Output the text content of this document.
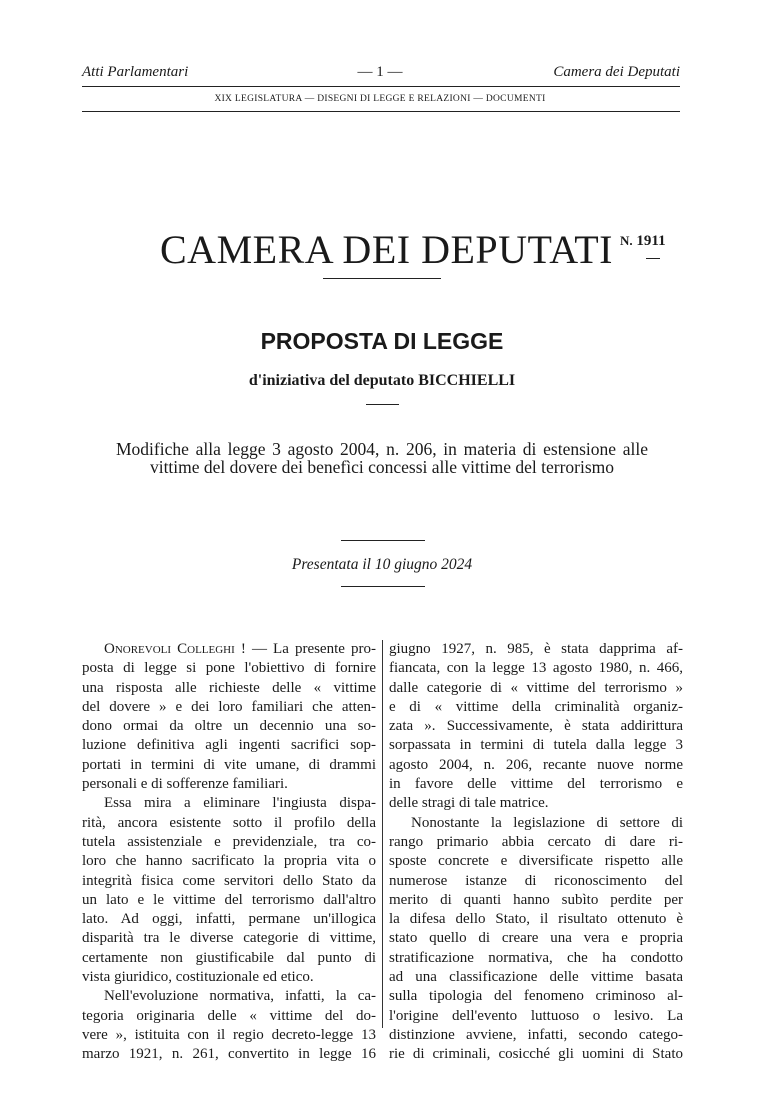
Atti Parlamentari	— 1 —	Camera dei Deputati
XIX LEGISLATURA — DISEGNI DI LEGGE E RELAZIONI — DOCUMENTI
CAMERA DEI DEPUTATI N. 1911
PROPOSTA DI LEGGE
d'iniziativa del deputato BICCHIELLI
Modifiche alla legge 3 agosto 2004, n. 206, in materia di estensione alle vittime del dovere dei benefìci concessi alle vittime del terrorismo
Presentata il 10 giugno 2024
Onorevoli Colleghi ! — La presente pro-
posta di legge si pone l'obiettivo di fornire
una risposta alle richieste delle « vittime
del dovere » e dei loro familiari che atten-
dono ormai da oltre un decennio una so-
luzione definitiva agli ingenti sacrifici sop-
portati in termini di vite umane, di drammi
personali e di sofferenze familiari.
Essa mira a eliminare l'ingiusta dispa-
rità, ancora esistente sotto il profilo della
tutela assistenziale e previdenziale, tra co-
loro che hanno sacrificato la propria vita o
integrità fisica come servitori dello Stato da
un lato e le vittime del terrorismo dall'altro
lato. Ad oggi, infatti, permane un'illogica
disparità tra le diverse categorie di vittime,
certamente non giustificabile dal punto di
vista giuridico, costituzionale ed etico.
Nell'evoluzione normativa, infatti, la ca-
tegoria originaria delle « vittime del do-
vere », istituita con il regio decreto-legge 13
marzo 1921, n. 261, convertito in legge 16
giugno 1927, n. 985, è stata dapprima af-
fiancata, con la legge 13 agosto 1980, n. 466,
dalle categorie di « vittime del terrorismo »
e di « vittime della criminalità organiz-
zata ». Successivamente, è stata addirittura
sorpassata in termini di tutela dalla legge 3
agosto 2004, n. 206, recante nuove norme
in favore delle vittime del terrorismo e
delle stragi di tale matrice.
Nonostante la legislazione di settore di
rango primario abbia cercato di dare ri-
sposte concrete e diversificate rispetto alle
numerose istanze di riconoscimento del
merito di quanti hanno subìto perdite per
la difesa dello Stato, il risultato ottenuto è
stato quello di creare una vera e propria
stratificazione normativa, che ha condotto
ad una classificazione delle vittime basata
sulla tipologia del fenomeno criminoso al-
l'origine dell'evento luttuoso o lesivo. La
distinzione avviene, infatti, secondo catego-
rie di criminali, cosicché gli uomini di Stato
